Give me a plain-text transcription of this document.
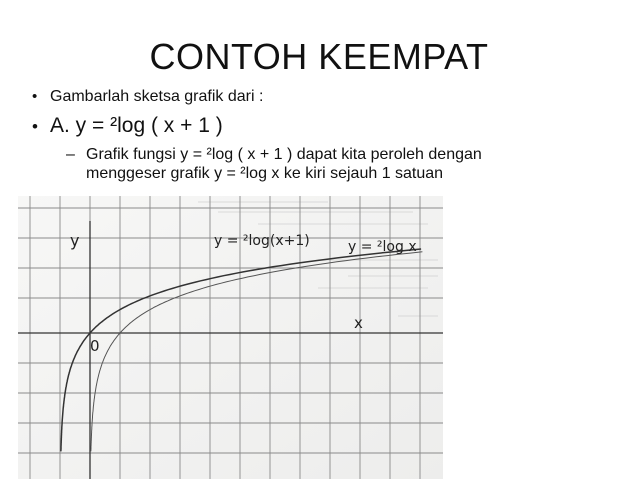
CONTOH KEEMPAT
• Gambarlah sketsa grafik dari :
• A. y = ²log ( x + 1 )
– Grafik fungsi y = ²log ( x + 1 ) dapat kita peroleh dengan
menggeser grafik y = ²log x ke kiri sejauh 1 satuan
y
x
0
y = ²log(x+1)	y = ²log x
